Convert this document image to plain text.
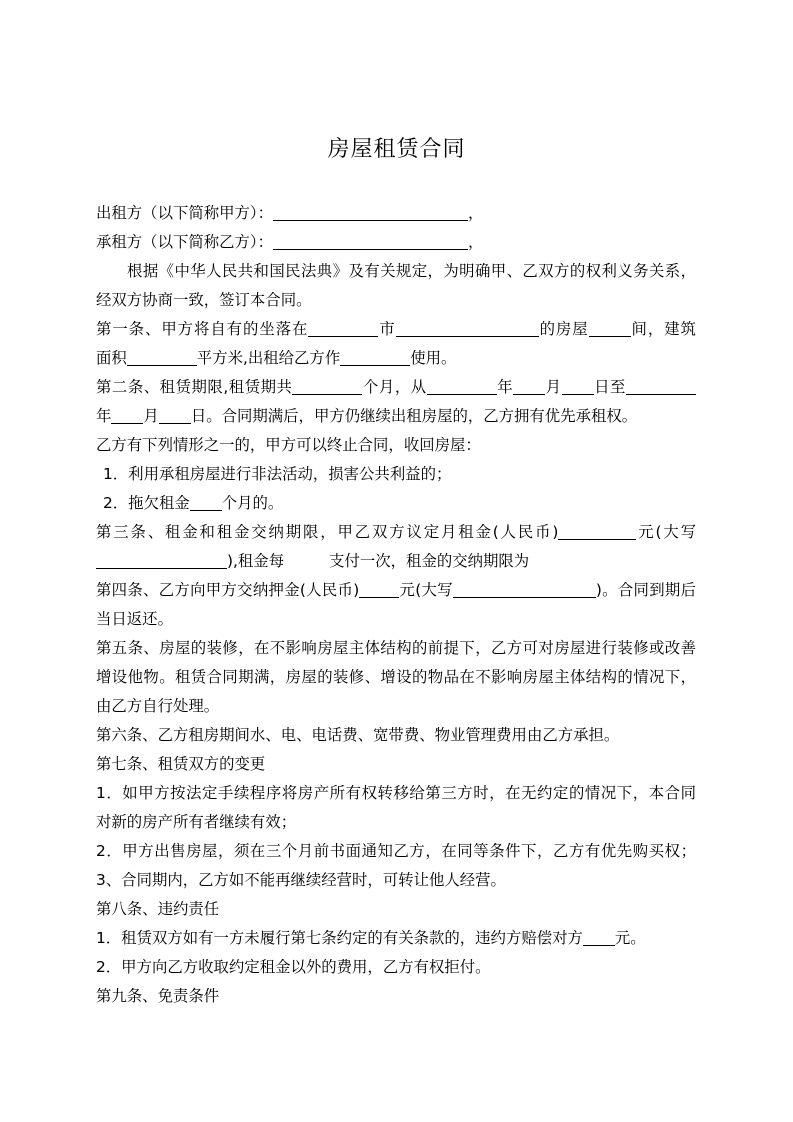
房屋租赁合同
出租方（以下简称甲方）：	，
承租方（以下简称乙方）：	，
根据《中华人民共和国民法典》及有关规定，为明确甲、乙双方的权利义务关系，
经双方协商一致，签订本合同。
第一条、甲方将自有的坐落在	市	的房屋	间，建筑
面积	平方米,出租给乙方作	使用。
第二条、租赁期限,租赁期共	个月，从	年 月 日至
年 月 日。合同期满后，甲方仍继续出租房屋的，乙方拥有优先承租权。
乙方有下列情形之一的，甲方可以终止合同，收回房屋：
1．利用承租房屋进行非法活动，损害公共利益的；
2．拖欠租金 个月的。
第三条、租金和租金交纳期限，甲乙双方议定月租金(人民币)	元(大写
),租金每	支付一次，租金的交纳期限为
第四条、乙方向甲方交纳押金(人民币)	元(大写	)。合同到期后
当日返还。
第五条、房屋的装修，在不影响房屋主体结构的前提下，乙方可对房屋进行装修或改善
增设他物。租赁合同期满，房屋的装修、增设的物品在不影响房屋主体结构的情况下，
由乙方自行处理。
第六条、乙方租房期间水、电、电话费、宽带费、物业管理费用由乙方承担。
第七条、租赁双方的变更
1．如甲方按法定手续程序将房产所有权转移给第三方时，在无约定的情况下，本合同
对新的房产所有者继续有效；
2．甲方出售房屋，须在三个月前书面通知乙方，在同等条件下，乙方有优先购买权；
3、合同期内，乙方如不能再继续经营时，可转让他人经营。
第八条、违约责任
1．租赁双方如有一方未履行第七条约定的有关条款的，违约方赔偿对方 元。
2．甲方向乙方收取约定租金以外的费用，乙方有权拒付。
第九条、免责条件
